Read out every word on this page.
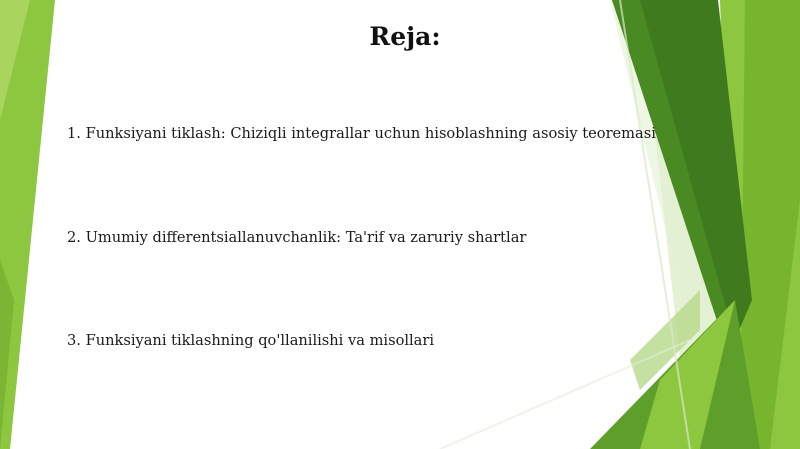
Reja:
1. Funksiyani tiklash: Chiziqli integrallar uchun hisoblashning asosiy teoremasi
2. Umumiy differentsiallanuvchanlik: Ta'rif va zaruriy shartlar
3. Funksiyani tiklashning qo'llanilishi va misollari
